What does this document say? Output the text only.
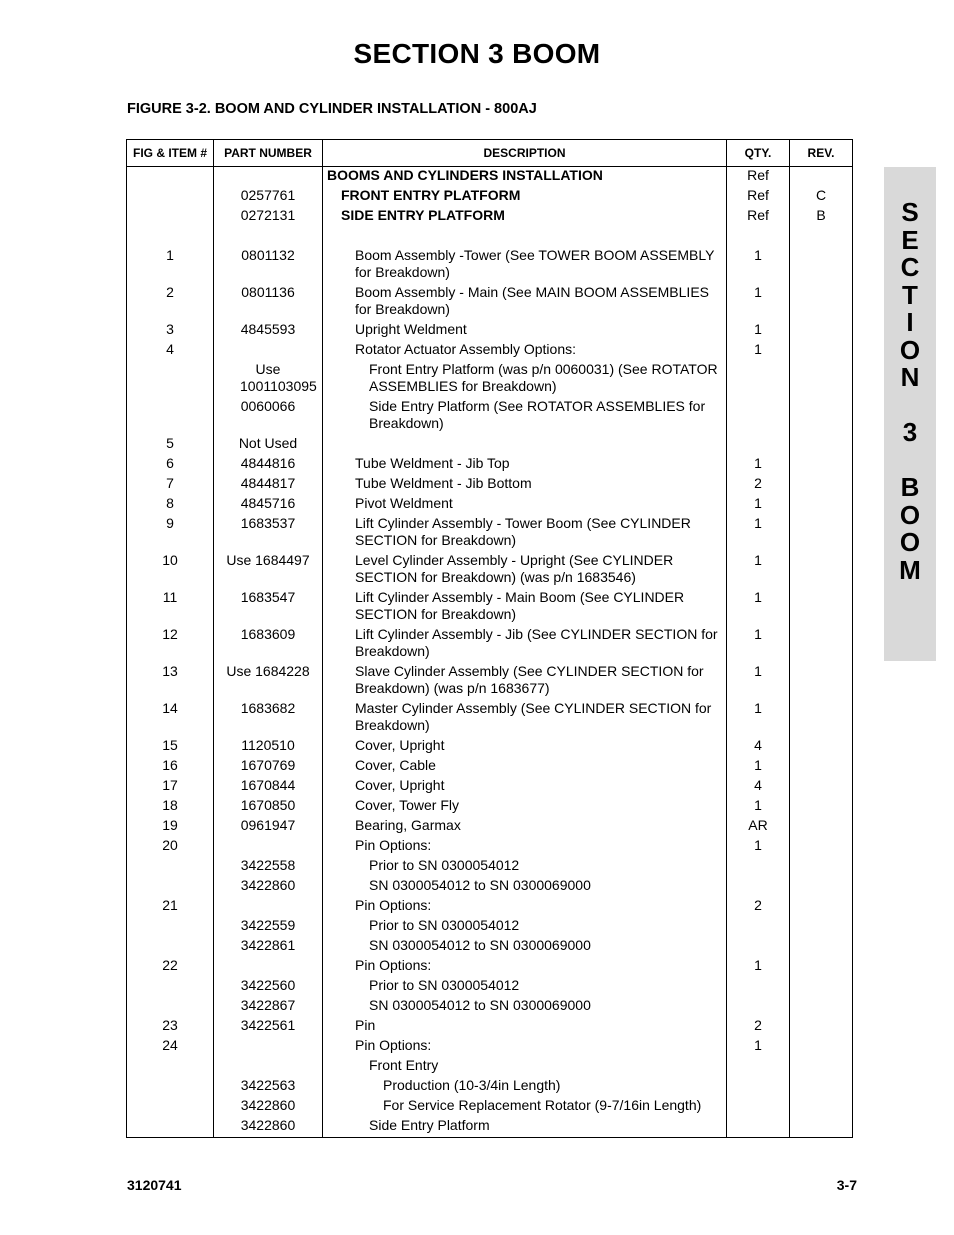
SECTION 3 BOOM
FIGURE 3-2. BOOM AND CYLINDER INSTALLATION - 800AJ
S
E
C
T
I
O
N
3
B
O
O
M
FIG & ITEM #	PART NUMBER	DESCRIPTION	QTY.	REV.

		BOOMS AND CYLINDERS INSTALLATION	Ref	
	0257761	FRONT ENTRY PLATFORM	Ref	C
	0272131	SIDE ENTRY PLATFORM	Ref	B
1	0801132	Boom Assembly -Tower (See TOWER BOOM ASSEMBLY for Breakdown)	1	
2	0801136	Boom Assembly - Main (See MAIN BOOM ASSEMBLIES for Breakdown)	1	
3	4845593	Upright Weldment	1	
4		Rotator Actuator Assembly Options:	1	
	Use 1001103095	Front Entry Platform (was p/n 0060031) (See ROTATOR ASSEMBLIES for Breakdown)		

	0060066	Side Entry Platform (See ROTATOR ASSEMBLIES for Breakdown)		

5	Not Used	

6	4844816	Tube Weldment - Jib Top	1	
7	4844817	Tube Weldment - Jib Bottom	2	
8	4845716	Pivot Weldment	1	
9	1683537	Lift Cylinder Assembly - Tower Boom (See CYLINDER SECTION for Breakdown)	1	
10	Use 1684497	Level Cylinder Assembly - Upright (See CYLINDER SECTION for Breakdown) (was p/n 1683546)	1	
11	1683547	Lift Cylinder Assembly - Main Boom (See CYLINDER SECTION for Breakdown)	1	
12	1683609	Lift Cylinder Assembly - Jib (See CYLINDER SECTION for Breakdown)	1	
13	Use 1684228	Slave Cylinder Assembly (See CYLINDER SECTION for Breakdown) (was p/n 1683677)	1	
14	1683682	Master Cylinder Assembly (See CYLINDER SECTION for Breakdown)	1	
15	1120510	Cover, Upright	4	
16	1670769	Cover, Cable	1	
17	1670844	Cover, Upright	4	
18	1670850	Cover, Tower Fly	1	
19	0961947	Bearing, Garmax	AR	
20		Pin Options:	1	
	3422558	Prior to SN 0300054012		

	3422860	SN 0300054012 to SN 0300069000		

21		Pin Options:	2	
	3422559	Prior to SN 0300054012		

	3422861	SN 0300054012 to SN 0300069000		

22		Pin Options:	1	
	3422560	Prior to SN 0300054012		

	3422867	SN 0300054012 to SN 0300069000		

23	3422561	Pin	2	
24		Pin Options:	1	

		Front Entry		

	3422563	Production (10-3/4in Length)		

	3422860	For Service Replacement Rotator (9-7/16in Length)		

	3422860	Side Entry Platform		

3120741	3-7
